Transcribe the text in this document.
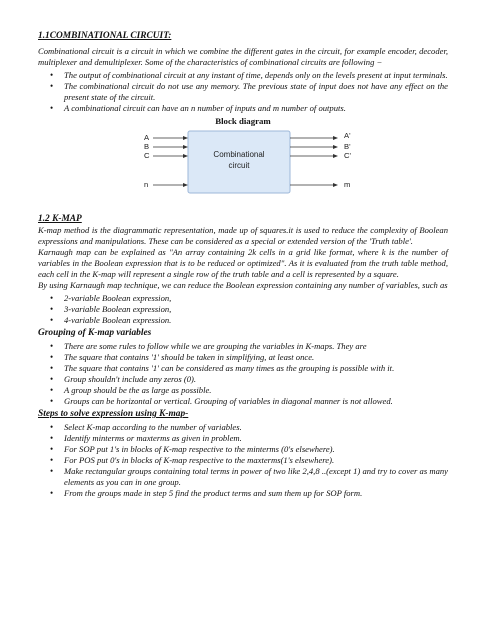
1.1COMBINATIONAL CIRCUIT:

Combinational circuit is a circuit in which we combine the different gates in the circuit, for example encoder, decoder, multiplexer and demultiplexer. Some of the characteristics of combinational circuits are following −

• The output of combinational circuit at any instant of time, depends only on the levels present at input terminals.
• The combinational circuit do not use any memory. The previous state of input does not have any effect on the present state of the circuit.
• A combinational circuit can have an n number of inputs and m number of outputs.
Block diagram
A
B
C
n
A'
B'
C'
m
Combinational
circuit
1.2 K-MAP

K-map method is the diagrammatic representation, made up of squares.it is used to reduce the complexity of Boolean expressions and manipulations. These can be considered as a special or extended version of the 'Truth table'.

Karnaugh map can be explained as "An array containing 2k cells in a grid like format, where k is the number of variables in the Boolean expression that is to be reduced or optimized". As it is evaluated from the truth table method, each cell in the K-map will represent a single row of the truth table and a cell is represented by a square.

By using Karnaugh map technique, we can reduce the Boolean expression containing any number of variables, such as

• 2-variable Boolean expression,
• 3-variable Boolean expression,
• 4-variable Boolean expression.
Grouping of K-map variables
• There are some rules to follow while we are grouping the variables in K-maps. They are
• The square that contains '1' should be taken in simplifying, at least once.
• The square that contains '1' can be considered as many times as the grouping is possible with it.
• Group shouldn't include any zeros (0).
• A group should be the as large as possible.
• Groups can be horizontal or vertical. Grouping of variables in diagonal manner is not allowed.
Steps to solve expression using K-map-
• Select K-map according to the number of variables.
• Identify minterms or maxterms as given in problem.
• For SOP put 1's in blocks of K-map respective to the minterms (0's elsewhere).
• For POS put 0's in blocks of K-map respective to the maxterms(1's elsewhere).
• Make rectangular groups containing total terms in power of two like 2,4,8 ..(except 1) and try to cover as many elements as you can in one group.
• From the groups made in step 5 find the product terms and sum them up for SOP form.
